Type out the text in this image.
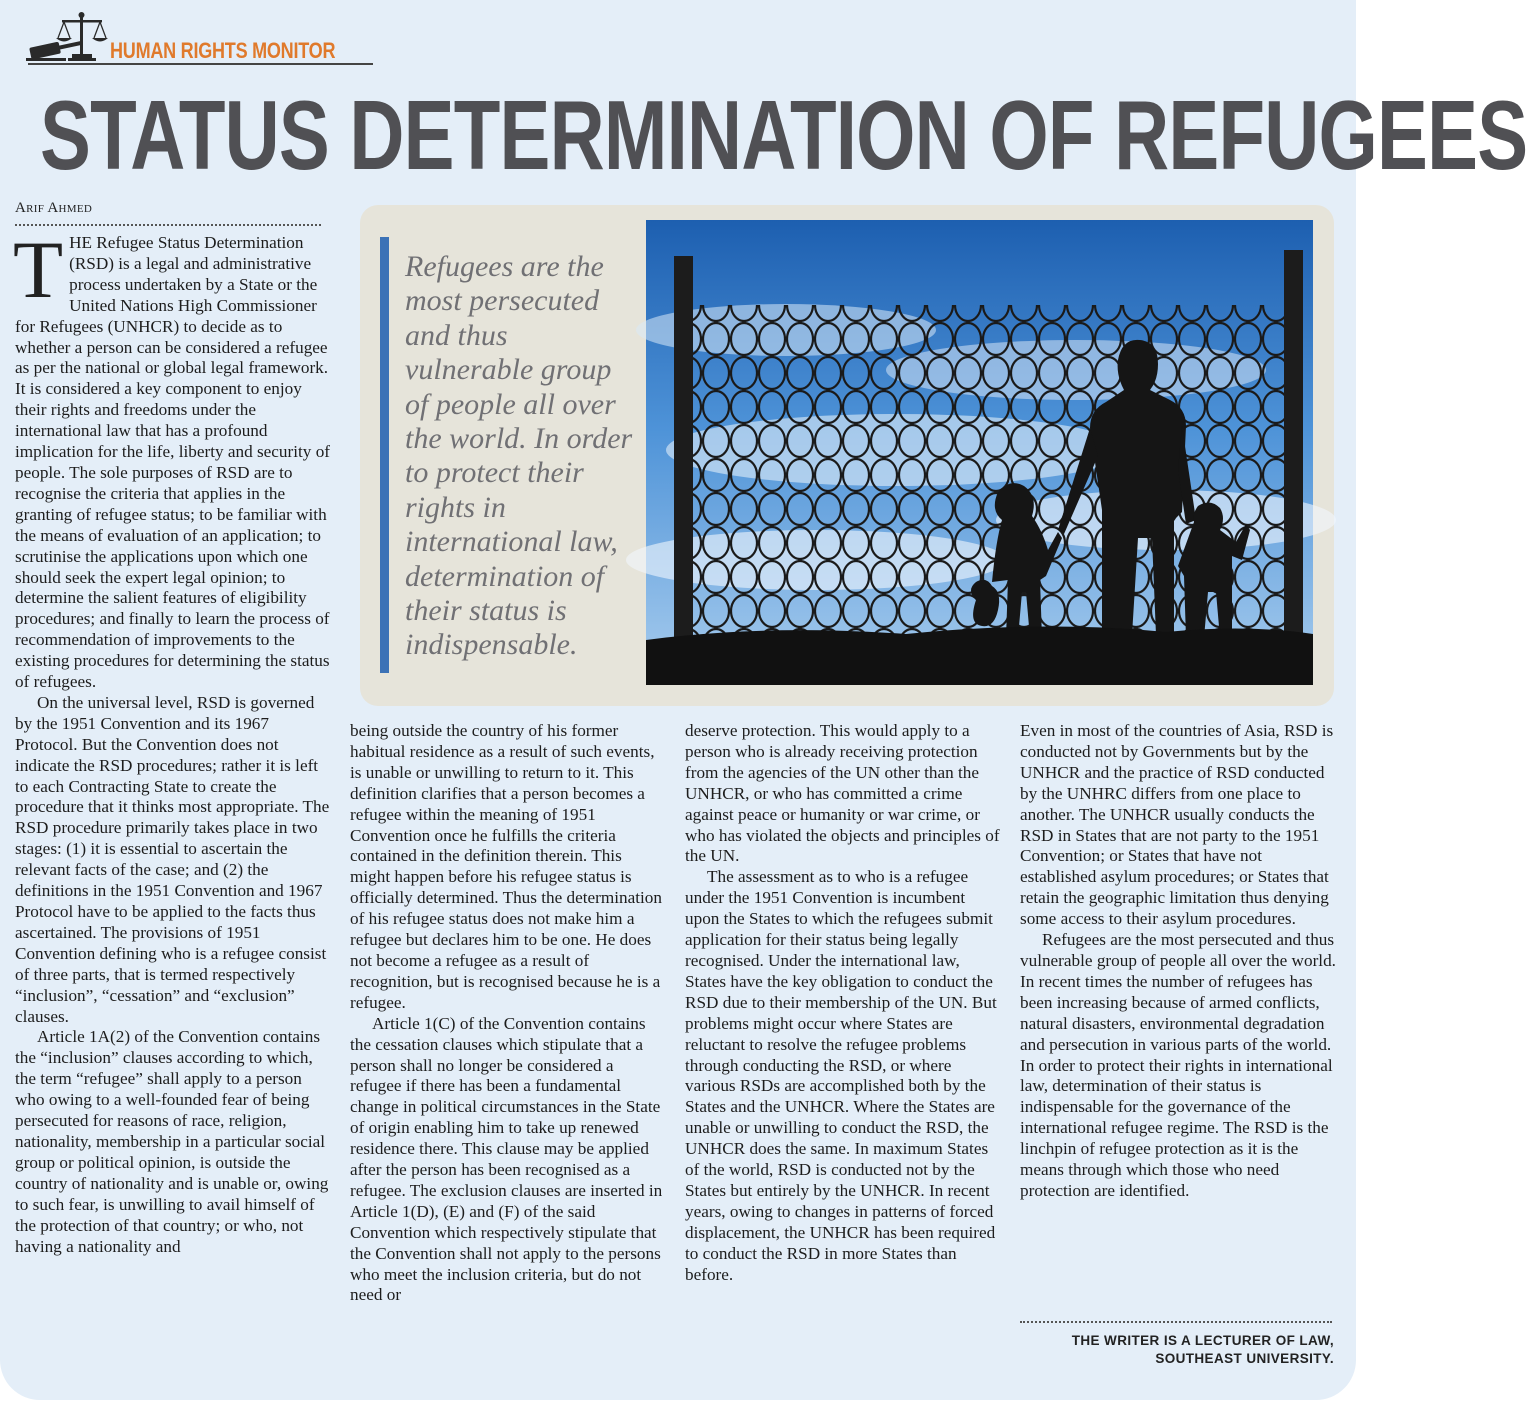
HUMAN RIGHTS MONITOR
STATUS DETERMINATION OF REFUGEES
Arif Ahmed
Refugees are the most persecuted and thus vulnerable group of people all over the world. In order to protect their rights in international law, determination of their status is indispensable.

THE Refugee Status Determination (RSD) is a legal and administrative process undertaken by a State or the United Nations High Commissioner for Refugees (UNHCR) to decide as to whether a person can be considered a refugee as per the national or global legal framework. It is considered a key component to enjoy their rights and freedoms under the international law that has a profound implication for the life, liberty and security of people. The sole purposes of RSD are to recognise the criteria that applies in the granting of refugee status; to be familiar with the means of evaluation of an application; to scrutinise the applications upon which one should seek the expert legal opinion; to determine the salient features of eligibility procedures; and finally to learn the process of recommendation of improvements to the existing procedures for determining the status of refugees.

On the universal level, RSD is governed by the 1951 Convention and its 1967 Protocol. But the Convention does not indicate the RSD procedures; rather it is left to each Contracting State to create the procedure that it thinks most appropriate. The RSD procedure primarily takes place in two stages: (1) it is essential to ascertain the relevant facts of the case; and (2) the definitions in the 1951 Convention and 1967 Protocol have to be applied to the facts thus ascertained. The provisions of 1951 Convention defining who is a refugee consist of three parts, that is termed respectively “inclusion”, “cessation” and “exclusion” clauses.

Article 1A(2) of the Convention contains the “inclusion” clauses according to which, the term “refugee” shall apply to a person who owing to a well-founded fear of being persecuted for reasons of race, religion, nationality, membership in a particular social group or political opinion, is outside the country of nationality and is unable or, owing to such fear, is unwilling to avail himself of the protection of that country; or who, not having a nationality and

being outside the country of his former habitual residence as a result of such events, is unable or unwilling to return to it. This definition clarifies that a person becomes a refugee within the meaning of 1951 Convention once he fulfills the criteria contained in the definition therein. This might happen before his refugee status is officially determined. Thus the determination of his refugee status does not make him a refugee but declares him to be one. He does not become a refugee as a result of recognition, but is recognised because he is a refugee.

Article 1(C) of the Convention contains the cessation clauses which stipulate that a person shall no longer be considered a refugee if there has been a fundamental change in political circumstances in the State of origin enabling him to take up renewed residence there. This clause may be applied after the person has been recognised as a refugee. The exclusion clauses are inserted in Article 1(D), (E) and (F) of the said Convention which respectively stipulate that the Convention shall not apply to the persons who meet the inclusion criteria, but do not need or

deserve protection. This would apply to a person who is already receiving protection from the agencies of the UN other than the UNHCR, or who has committed a crime against peace or humanity or war crime, or who has violated the objects and principles of the UN.

The assessment as to who is a refugee under the 1951 Convention is incumbent upon the States to which the refugees submit application for their status being legally recognised. Under the international law, States have the key obligation to conduct the RSD due to their membership of the UN. But problems might occur where States are reluctant to resolve the refugee problems through conducting the RSD, or where various RSDs are accomplished both by the States and the UNHCR. Where the States are unable or unwilling to conduct the RSD, the UNHCR does the same. In maximum States of the world, RSD is conducted not by the States but entirely by the UNHCR. In recent years, owing to changes in patterns of forced displacement, the UNHCR has been required to conduct the RSD in more States than before.

Even in most of the countries of Asia, RSD is conducted not by Governments but by the UNHCR and the practice of RSD conducted by the UNHRC differs from one place to another. The UNHCR usually conducts the RSD in States that are not party to the 1951 Convention; or States that have not established asylum procedures; or States that retain the geographic limitation thus denying some access to their asylum procedures.

Refugees are the most persecuted and thus vulnerable group of people all over the world. In recent times the number of refugees has been increasing because of armed conflicts, natural disasters, environmental degradation and persecution in various parts of the world. In order to protect their rights in international law, determination of their status is indispensable for the governance of the international refugee regime. The RSD is the linchpin of refugee protection as it is the means through which those who need protection are identified.

THE WRITER IS A LECTURER OF LAW,
SOUTHEAST UNIVERSITY.
